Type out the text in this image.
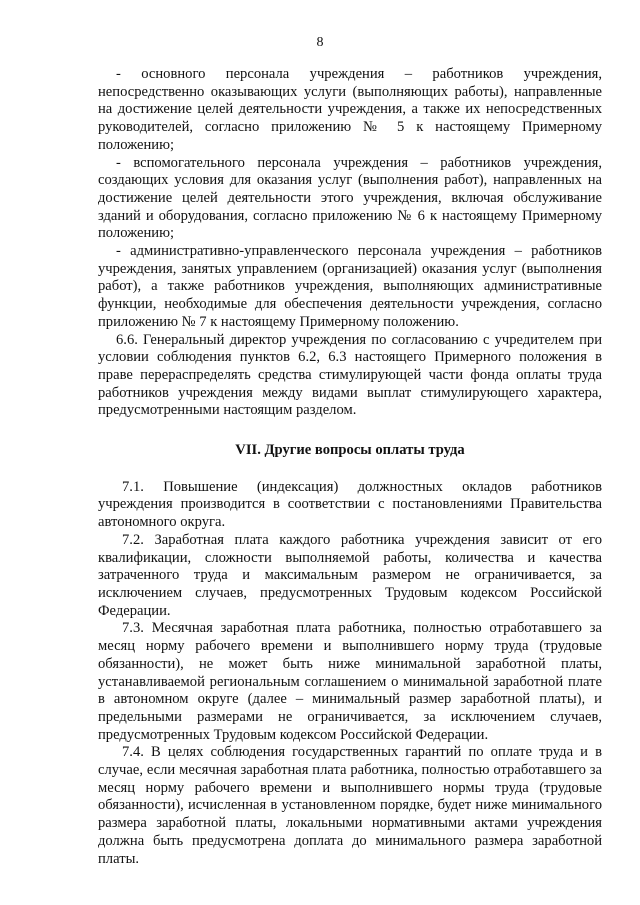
8

- основного персонала учреждения – работников учреждения, непосредственно оказывающих услуги (выполняющих работы), направленные на достижение целей деятельности учреждения, а также их непосредственных руководителей, согласно приложению № 5 к настоящему Примерному положению;

- вспомогательного персонала учреждения – работников учреждения, создающих условия для оказания услуг (выполнения работ), направленных на достижение целей деятельности этого учреждения, включая обслуживание зданий и оборудования, согласно приложению № 6 к настоящему Примерному положению;

- административно-управленческого персонала учреждения – работников учреждения, занятых управлением (организацией) оказания услуг (выполнения работ), а также работников учреждения, выполняющих административные функции, необходимые для обеспечения деятельности учреждения, согласно приложению № 7 к настоящему Примерному положению.

6.6. Генеральный директор учреждения по согласованию с учредителем при условии соблюдения пунктов 6.2, 6.3 настоящего Примерного положения в праве перераспределять средства стимулирующей части фонда оплаты труда работников учреждения между видами выплат стимулирующего характера, предусмотренными настоящим разделом.

VII. Другие вопросы оплаты труда

7.1. Повышение (индексация) должностных окладов работников учреждения производится в соответствии с постановлениями Правительства автономного округа.

7.2. Заработная плата каждого работника учреждения зависит от его квалификации, сложности выполняемой работы, количества и качества затраченного труда и максимальным размером не ограничивается, за исключением случаев, предусмотренных Трудовым кодексом Российской Федерации.

7.3. Месячная заработная плата работника, полностью отработавшего за месяц норму рабочего времени и выполнившего норму труда (трудовые обязанности), не может быть ниже минимальной заработной платы, устанавливаемой региональным соглашением о минимальной заработной плате в автономном округе (далее – минимальный размер заработной платы), и предельными размерами не ограничивается, за исключением случаев, предусмотренных Трудовым кодексом Российской Федерации.

7.4. В целях соблюдения государственных гарантий по оплате труда и в случае, если месячная заработная плата работника, полностью отработавшего за месяц норму рабочего времени и выполнившего нормы труда (трудовые обязанности), исчисленная в установленном порядке, будет ниже минимального размера заработной платы, локальными нормативными актами учреждения должна быть предусмотрена доплата до минимального размера заработной платы.
